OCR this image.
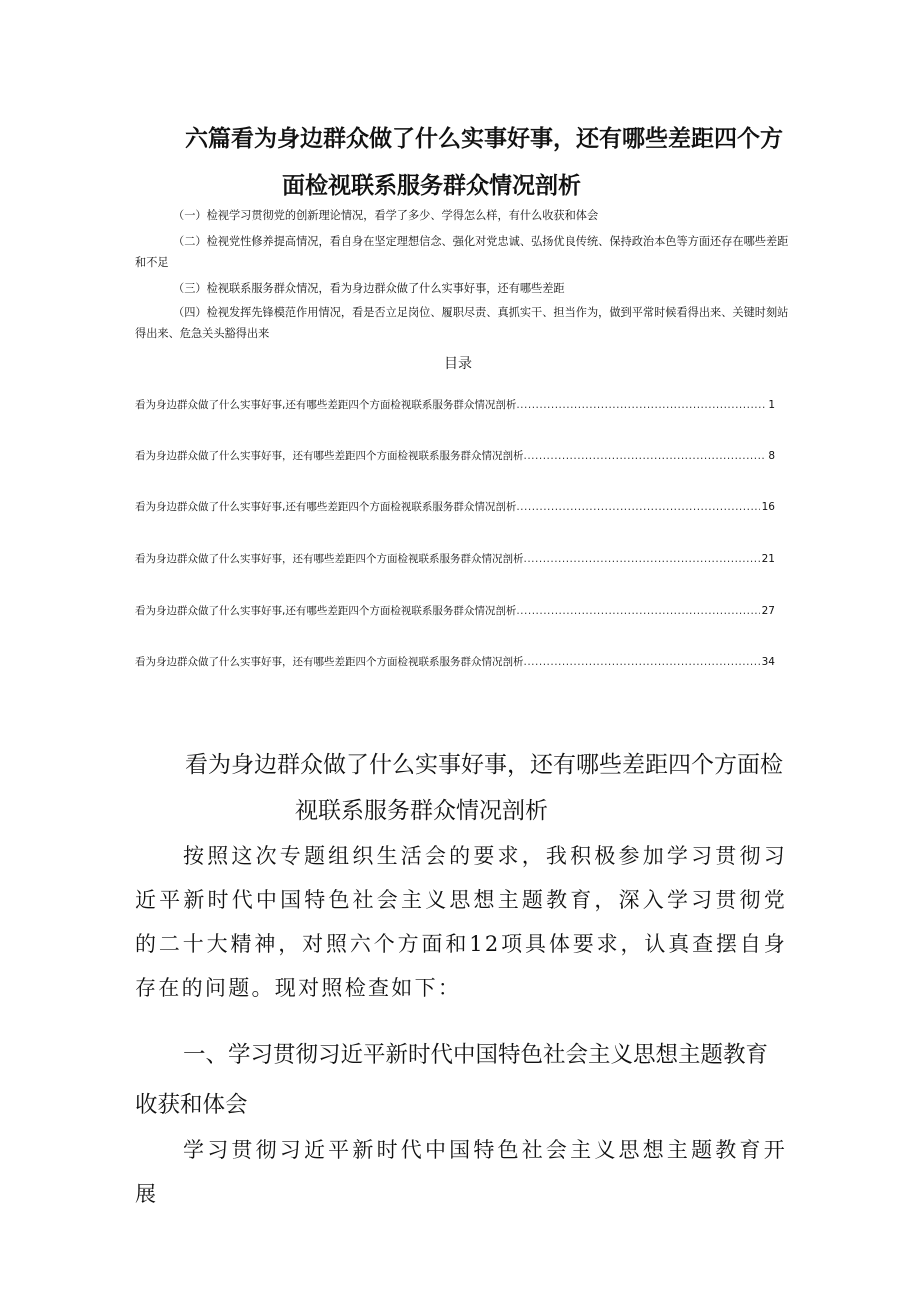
六篇看为身边群众做了什么实事好事，还有哪些差距四个方
面检视联系服务群众情况剖析

（一）检视学习贯彻党的创新理论情况，看学了多少、学得怎么样，有什么收获和体会

（二）检视党性修养提高情况，看自身在坚定理想信念、强化对党忠诚、弘扬优良传统、保持政治本色等方面还存在哪些差距和不足

（三）检视联系服务群众情况，看为身边群众做了什么实事好事，还有哪些差距

（四）检视发挥先锋模范作用情况，看是否立足岗位、履职尽责、真抓实干、担当作为，做到平常时候看得出来、关键时刻站得出来、危急关头豁得出来

目录
看为身边群众做了什么实事好事,还有哪些差距四个方面检视联系服务群众情况剖析 .....	1
看为身边群众做了什么实事好事，还有哪些差距四个方面检视联系服务群众情况剖析 .....	8
看为身边群众做了什么实事好事,还有哪些差距四个方面检视联系服务群众情况剖析 .....	16
看为身边群众做了什么实事好事，还有哪些差距四个方面检视联系服务群众情况剖析 .....	21
看为身边群众做了什么实事好事,还有哪些差距四个方面检视联系服务群众情况剖析 .....	27
看为身边群众做了什么实事好事，还有哪些差距四个方面检视联系服务群众情况剖析 .....	34
看为身边群众做了什么实事好事，还有哪些差距四个方面检
视联系服务群众情况剖析

按照这次专题组织生活会的要求，我积极参加学习贯彻习近平新时代中国特色社会主义思想主题教育，深入学习贯彻党的二十大精神，对照六个方面和12项具体要求，认真查摆自身存在的问题。现对照检查如下：

一、学习贯彻习近平新时代中国特色社会主义思想主题教育收获和体会

学习贯彻习近平新时代中国特色社会主义思想主题教育开展
